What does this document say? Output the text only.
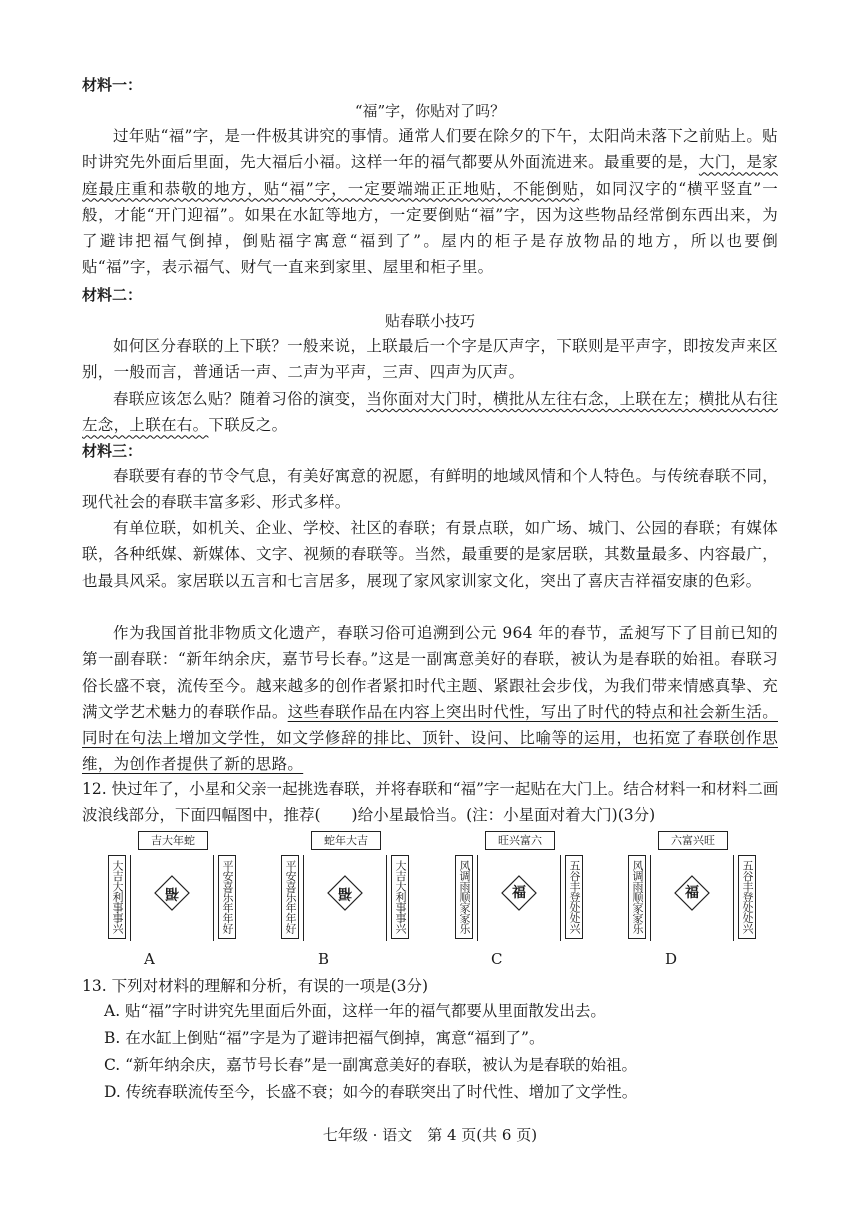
材料一：
“福”字，你贴对了吗？

过年贴“福”字，是一件极其讲究的事情。通常人们要在除夕的下午，太阳尚未落下之前贴上。贴时讲究先外面后里面，先大福后小福。这样一年的福气都要从外面流进来。最重要的是，大门，是家庭最庄重和恭敬的地方，贴“福”字，一定要端端正正地贴，不能倒贴，如同汉字的“横平竖直”一般，才能“开门迎福”。如果在水缸等地方，一定要倒贴“福”字，因为这些物品经常倒东西出来，为了避讳把福气倒掉，倒贴福字寓意“福到了”。屋内的柜子是存放物品的地方，所以也要倒贴“福”字，表示福气、财气一直来到家里、屋里和柜子里。

材料二：
贴春联小技巧

如何区分春联的上下联？一般来说，上联最后一个字是仄声字，下联则是平声字，即按发声来区别，一般而言，普通话一声、二声为平声，三声、四声为仄声。

春联应该怎么贴？随着习俗的演变，当你面对大门时，横批从左往右念，上联在左；横批从右往左念，上联在右。下联反之。

材料三：

春联要有春的节令气息，有美好寓意的祝愿，有鲜明的地域风情和个人特色。与传统春联不同，现代社会的春联丰富多彩、形式多样。

有单位联，如机关、企业、学校、社区的春联；有景点联，如广场、城门、公园的春联；有媒体联，各种纸媒、新媒体、文字、视频的春联等。当然，最重要的是家居联，其数量最多、内容最广，也最具风采。家居联以五言和七言居多，展现了家风家训家文化，突出了喜庆吉祥福安康的色彩。

作为我国首批非物质文化遗产，春联习俗可追溯到公元 964 年的春节，孟昶写下了目前已知的第一副春联：“新年纳余庆，嘉节号长春。”这是一副寓意美好的春联，被认为是春联的始祖。春联习俗长盛不衰，流传至今。越来越多的创作者紧扣时代主题、紧跟社会步伐，为我们带来情感真挚、充满文学艺术魅力的春联作品。这些春联作品在内容上突出时代性，写出了时代的特点和社会新生活。同时在句法上增加文学性，如文学修辞的排比、顶针、设问、比喻等的运用，也拓宽了春联创作思维，为创作者提供了新的思路。

12. 快过年了，小星和父亲一起挑选春联，并将春联和“福”字一起贴在大门上。结合材料一和材料二画波浪线部分，下面四幅图中，推荐(　　)给小星最恰当。(注：小星面对着大门)(3分)

吉大年蛇
大吉大利事事兴	福	平安喜乐年年好
蛇年大吉
平安喜乐年年好	福	大吉大利事事兴
旺兴富六
风调雨顺家家乐	福	五谷丰登处处兴
六富兴旺
风调雨顺家家乐	福	五谷丰登处处兴
A	B	C	D
13. 下列对材料的理解和分析，有误的一项是(3分)
A. 贴“福”字时讲究先里面后外面，这样一年的福气都要从里面散发出去。
B. 在水缸上倒贴“福”字是为了避讳把福气倒掉，寓意“福到了”。
C. “新年纳余庆，嘉节号长春”是一副寓意美好的春联，被认为是春联的始祖。
D. 传统春联流传至今，长盛不衰；如今的春联突出了时代性、增加了文学性。
七年级 · 语文　第 4 页(共 6 页)
